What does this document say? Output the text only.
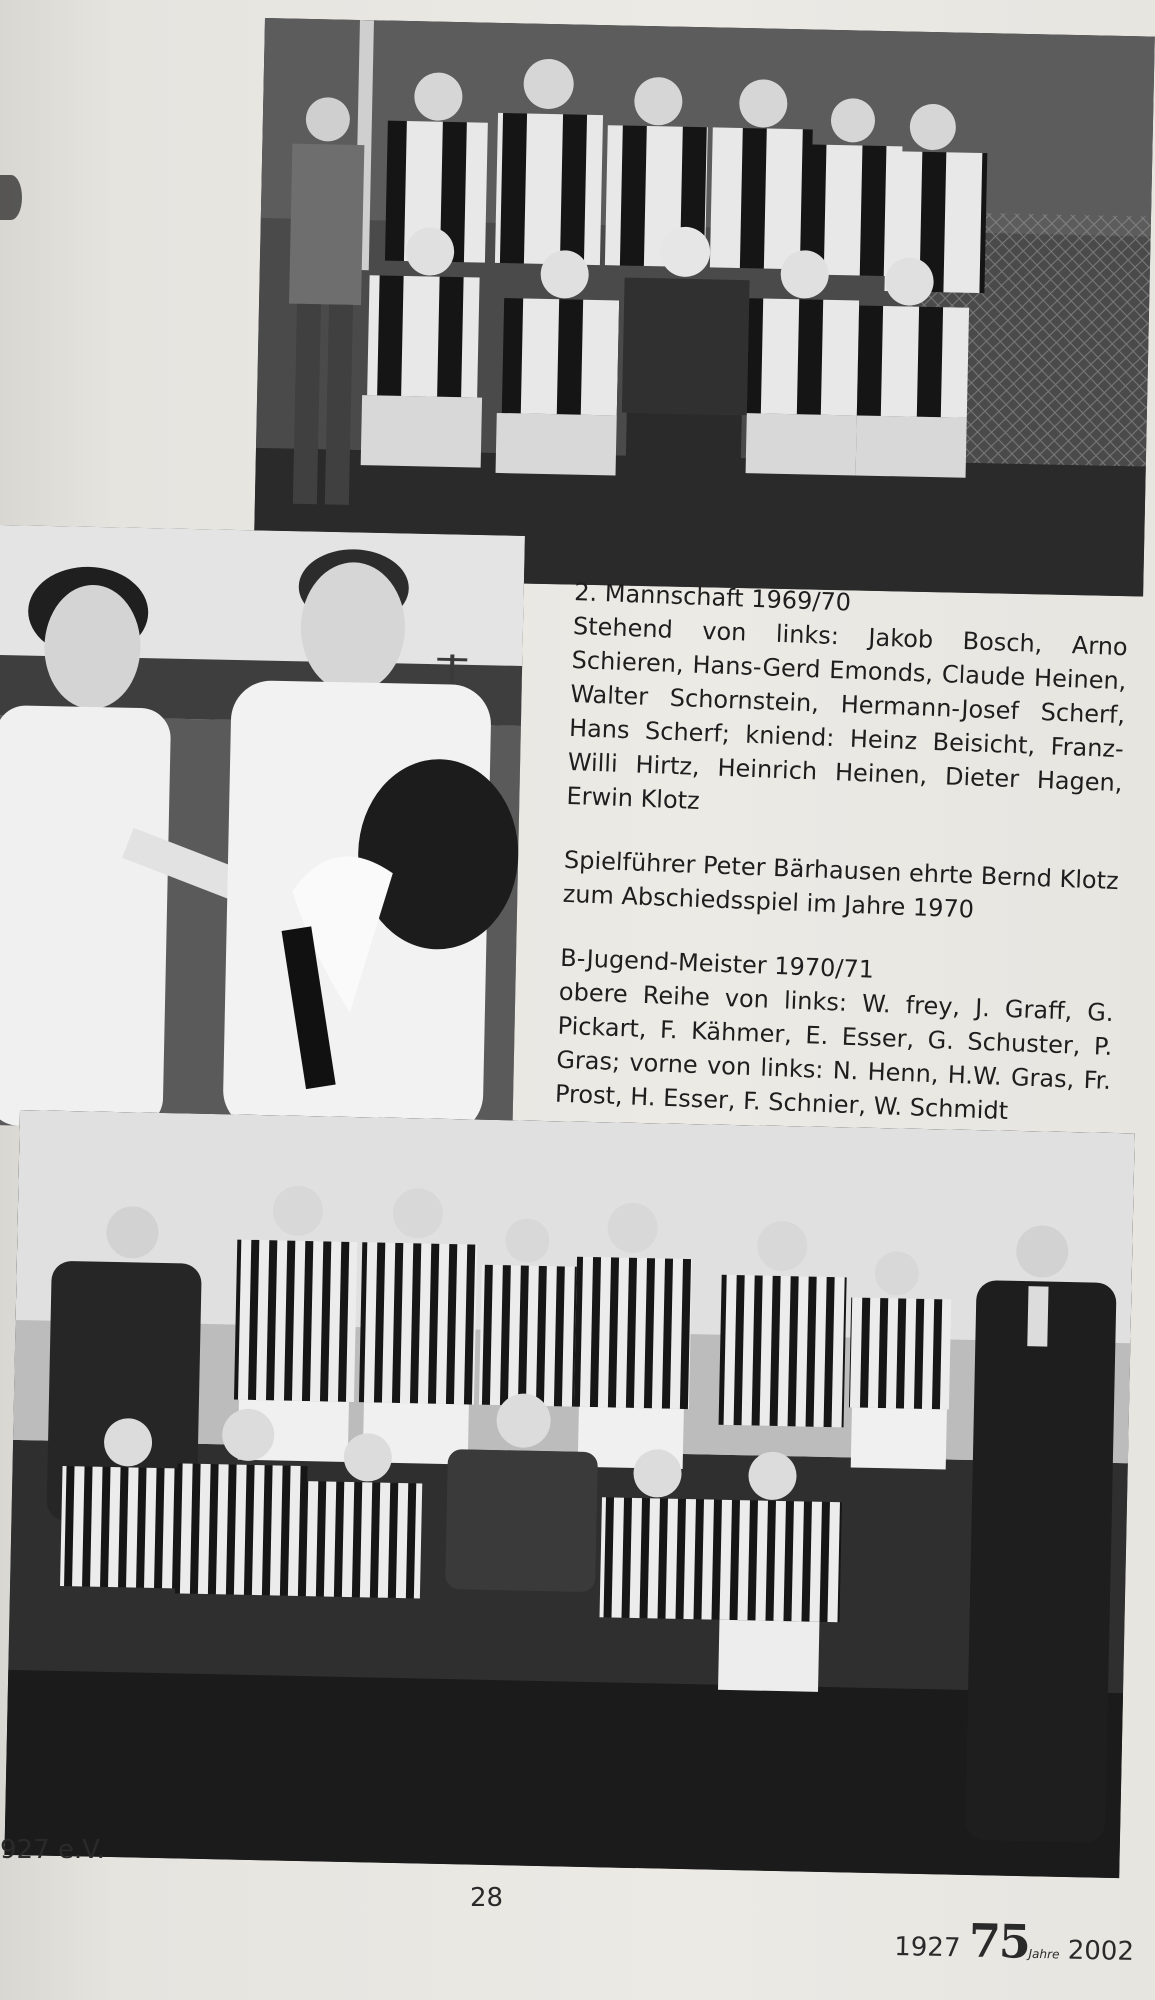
2. Mannschaft 1969/70

Stehend von links: Jakob Bosch, Arno Schieren, Hans-Gerd Emonds, Claude Heinen, Walter Schornstein, Hermann-Josef Scherf, Hans Scherf; kniend: Heinz Beisicht, Franz-Willi Hirtz, Heinrich Heinen, Dieter Hagen, Erwin Klotz

Spielführer Peter Bärhausen ehrte Bernd Klotz zum Abschiedsspiel im Jahre 1970

B-Jugend-Meister 1970/71

obere Reihe von links: W. frey, J. Graff, G. Pickart, F. Kähmer, E. Esser, G. Schuster, P. Gras; vorne von links: N. Henn, H.W. Gras, Fr. Prost, H. Esser, F. Schnier, W. Schmidt

927 e.V.
28
1927 75Jahre 2002
